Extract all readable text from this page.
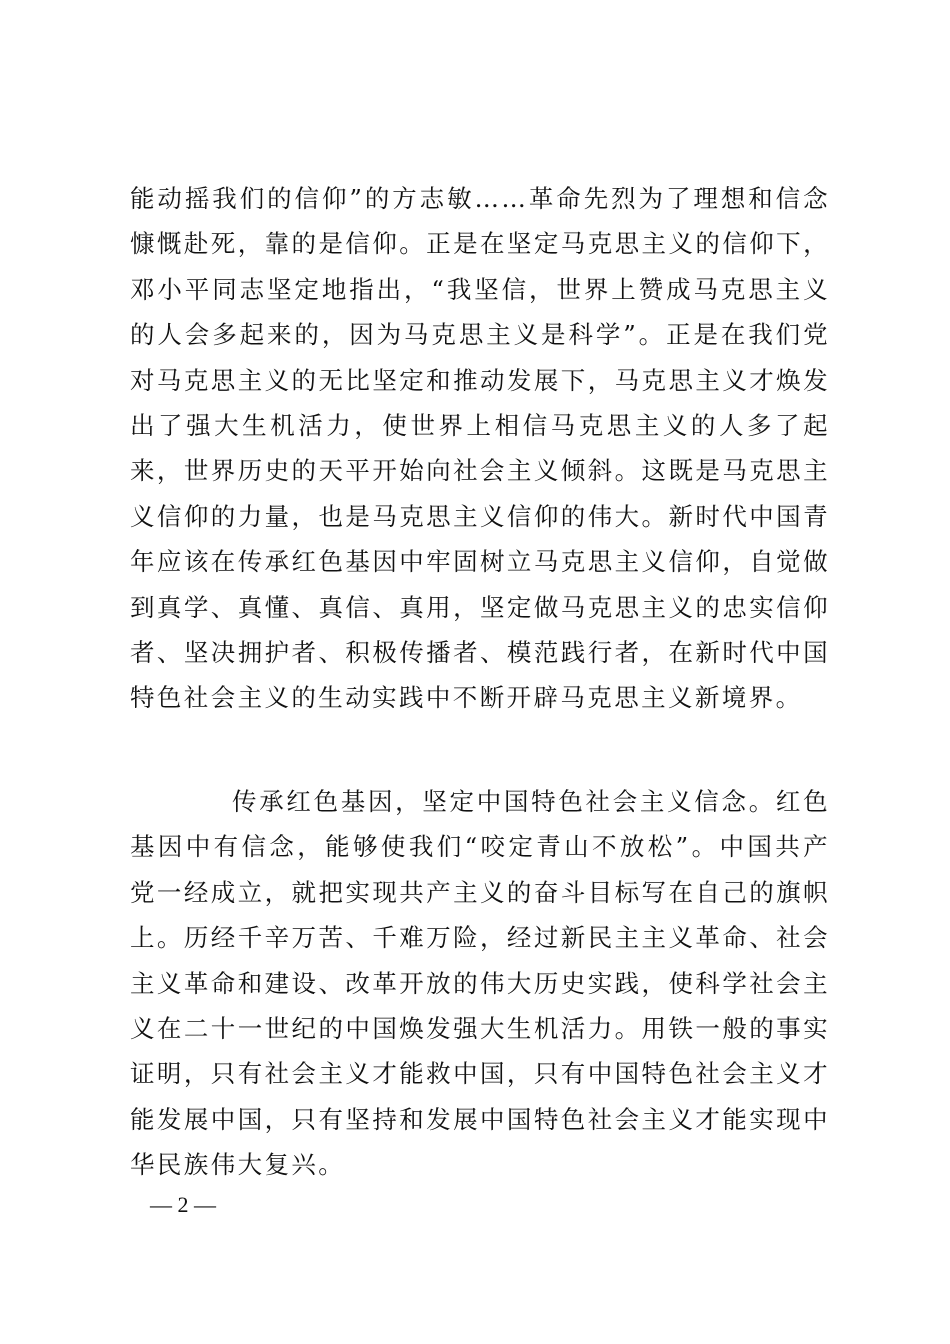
能动摇我们的信仰”的方志敏……革命先烈为了理想和信念慷慨赴死，靠的是信仰。正是在坚定马克思主义的信仰下，邓小平同志坚定地指出，“我坚信，世界上赞成马克思主义的人会多起来的，因为马克思主义是科学”。正是在我们党对马克思主义的无比坚定和推动发展下，马克思主义才焕发出了强大生机活力，使世界上相信马克思主义的人多了起来，世界历史的天平开始向社会主义倾斜。这既是马克思主义信仰的力量，也是马克思主义信仰的伟大。新时代中国青年应该在传承红色基因中牢固树立马克思主义信仰，自觉做到真学、真懂、真信、真用，坚定做马克思主义的忠实信仰者、坚决拥护者、积极传播者、模范践行者，在新时代中国特色社会主义的生动实践中不断开辟马克思主义新境界。

传承红色基因，坚定中国特色社会主义信念。红色基因中有信念，能够使我们“咬定青山不放松”。中国共产党一经成立，就把实现共产主义的奋斗目标写在自己的旗帜上。历经千辛万苦、千难万险，经过新民主主义革命、社会主义革命和建设、改革开放的伟大历史实践，使科学社会主义在二十一世纪的中国焕发强大生机活力。用铁一般的事实证明，只有社会主义才能救中国，只有中国特色社会主义才能发展中国，只有坚持和发展中国特色社会主义才能实现中华民族伟大复兴。

— 2 —
